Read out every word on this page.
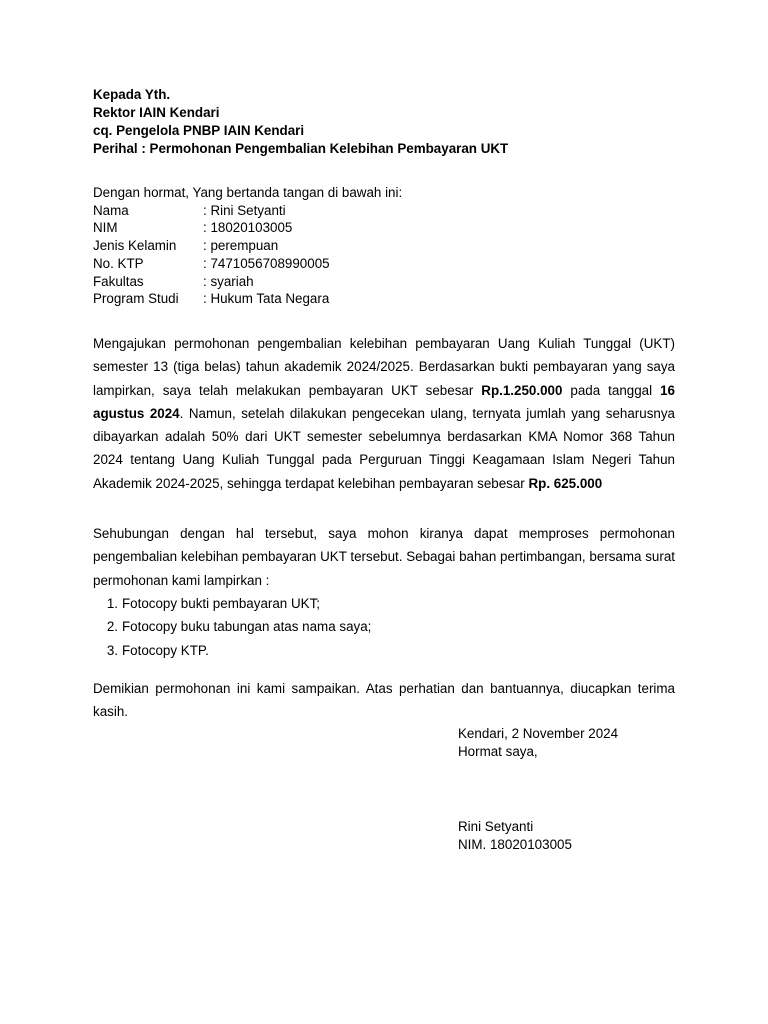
Kepada Yth.
Rektor IAIN Kendari
cq. Pengelola PNBP IAIN Kendari
Perihal : Permohonan Pengembalian Kelebihan Pembayaran UKT
Dengan hormat, Yang bertanda tangan di bawah ini:
Nama	: Rini Setyanti
NIM	: 18020103005
Jenis Kelamin : perempuan
No. KTP	: 7471056708990005
Fakultas	: syariah
Program Studi : Hukum Tata Negara

Mengajukan permohonan pengembalian kelebihan pembayaran Uang Kuliah Tunggal (UKT) semester 13 (tiga belas) tahun akademik 2024/2025. Berdasarkan bukti pembayaran yang saya lampirkan, saya telah melakukan pembayaran UKT sebesar Rp.1.250.000 pada tanggal 16 agustus 2024. Namun, setelah dilakukan pengecekan ulang, ternyata jumlah yang seharusnya dibayarkan adalah 50% dari UKT semester sebelumnya berdasarkan KMA Nomor 368 Tahun 2024 tentang Uang Kuliah Tunggal pada Perguruan Tinggi Keagamaan Islam Negeri Tahun Akademik 2024-2025, sehingga terdapat kelebihan pembayaran sebesar Rp. 625.000

Sehubungan dengan hal tersebut, saya mohon kiranya dapat memproses permohonan pengembalian kelebihan pembayaran UKT tersebut. Sebagai bahan pertimbangan, bersama surat permohonan kami lampirkan :

1. Fotocopy bukti pembayaran UKT;
2. Fotocopy buku tabungan atas nama saya;
3. Fotocopy KTP.

Demikian permohonan ini kami sampaikan. Atas perhatian dan bantuannya, diucapkan terima kasih.

Kendari, 2 November 2024
Hormat saya,
Rini Setyanti
NIM. 18020103005
